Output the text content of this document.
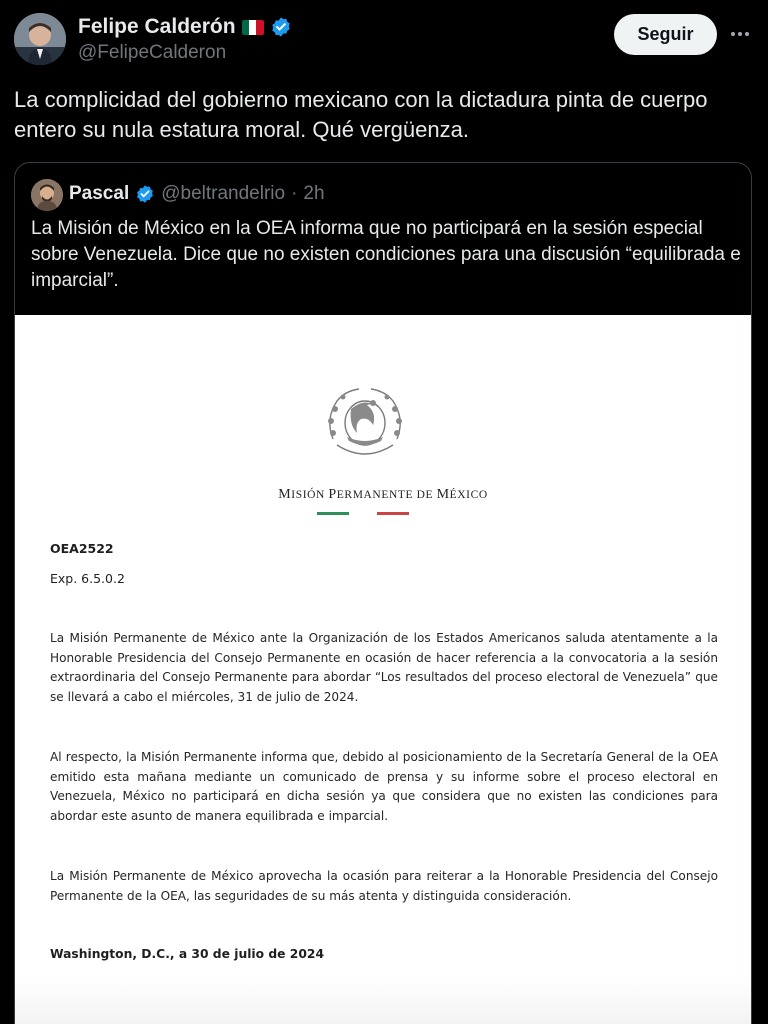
Felipe Calderón
@FelipeCalderon
Seguir
La complicidad del gobierno mexicano con la dictadura pinta de cuerpo entero su nula estatura moral. Qué vergüenza.
Pascal @beltrandelrio · 2h
La Misión de México en la OEA informa que no participará en la sesión especial sobre Venezuela. Dice que no existen condiciones para una discusión “equilibrada e imparcial”.
MISIÓN PERMANENTE DE MÉXICO
OEA2522
Exp. 6.5.0.2
La Misión Permanente de México ante la Organización de los Estados Americanos saluda atentamente a la Honorable Presidencia del Consejo Permanente en ocasión de hacer referencia a la convocatoria a la sesión extraordinaria del Consejo Permanente para abordar “Los resultados del proceso electoral de Venezuela” que se llevará a cabo el miércoles, 31 de julio de 2024.
Al respecto, la Misión Permanente informa que, debido al posicionamiento de la Secretaría General de la OEA emitido esta mañana mediante un comunicado de prensa y su informe sobre el proceso electoral en Venezuela, México no participará en dicha sesión ya que considera que no existen las condiciones para abordar este asunto de manera equilibrada e imparcial.
La Misión Permanente de México aprovecha la ocasión para reiterar a la Honorable Presidencia del Consejo Permanente de la OEA, las seguridades de su más atenta y distinguida consideración.
Washington, D.C., a 30 de julio de 2024
